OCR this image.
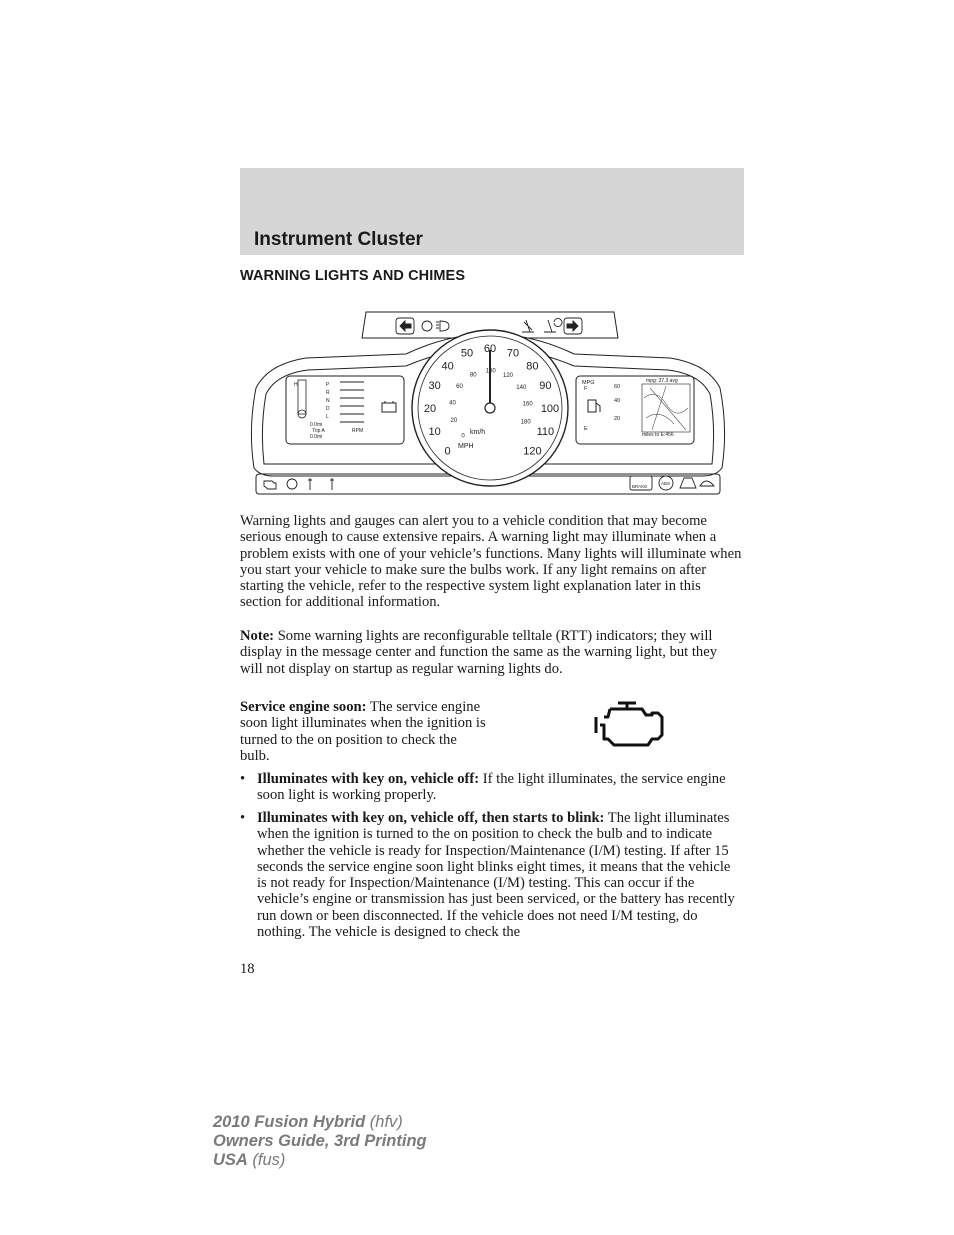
Instrument Cluster
WARNING LIGHTS AND CHIMES
0
10
20
30
40
50 60 70
80
90
100
110
120
0
20
40
60
80
100
120
140
160
180
km/h
MPH
H	P
R
N
D
L
0.0mi
Trip A
0.0mi
RPM
MPG
60
40
20
F
E
mpg: 37.3 avg
miles to E:456
BRAKE
ABS
Warning lights and gauges can alert you to a vehicle condition that may become serious enough to cause extensive repairs. A warning light may illuminate when a problem exists with one of your vehicle’s functions. Many lights will illuminate when you start your vehicle to make sure the bulbs work. If any light remains on after starting the vehicle, refer to the respective system light explanation later in this section for additional information.
Note: Some warning lights are reconfigurable telltale (RTT) indicators; they will display in the message center and function the same as the warning light, but they will not display on startup as regular warning lights do.
Service engine soon: The service engine soon light illuminates when the ignition is turned to the on position to check the bulb.
• Illuminates with key on, vehicle off: If the light illuminates, the service engine soon light is working properly.
• Illuminates with key on, vehicle off, then starts to blink: The light illuminates when the ignition is turned to the on position to check the bulb and to indicate whether the vehicle is ready for Inspection/Maintenance (I/M) testing. If after 15 seconds the service engine soon light blinks eight times, it means that the vehicle is not ready for Inspection/Maintenance (I/M) testing. This can occur if the vehicle’s engine or transmission has just been serviced, or the battery has recently run down or been disconnected. If the vehicle does not need I/M testing, do nothing. The vehicle is designed to check the
18
2010 Fusion Hybrid (hfv)
Owners Guide, 3rd Printing
USA (fus)
